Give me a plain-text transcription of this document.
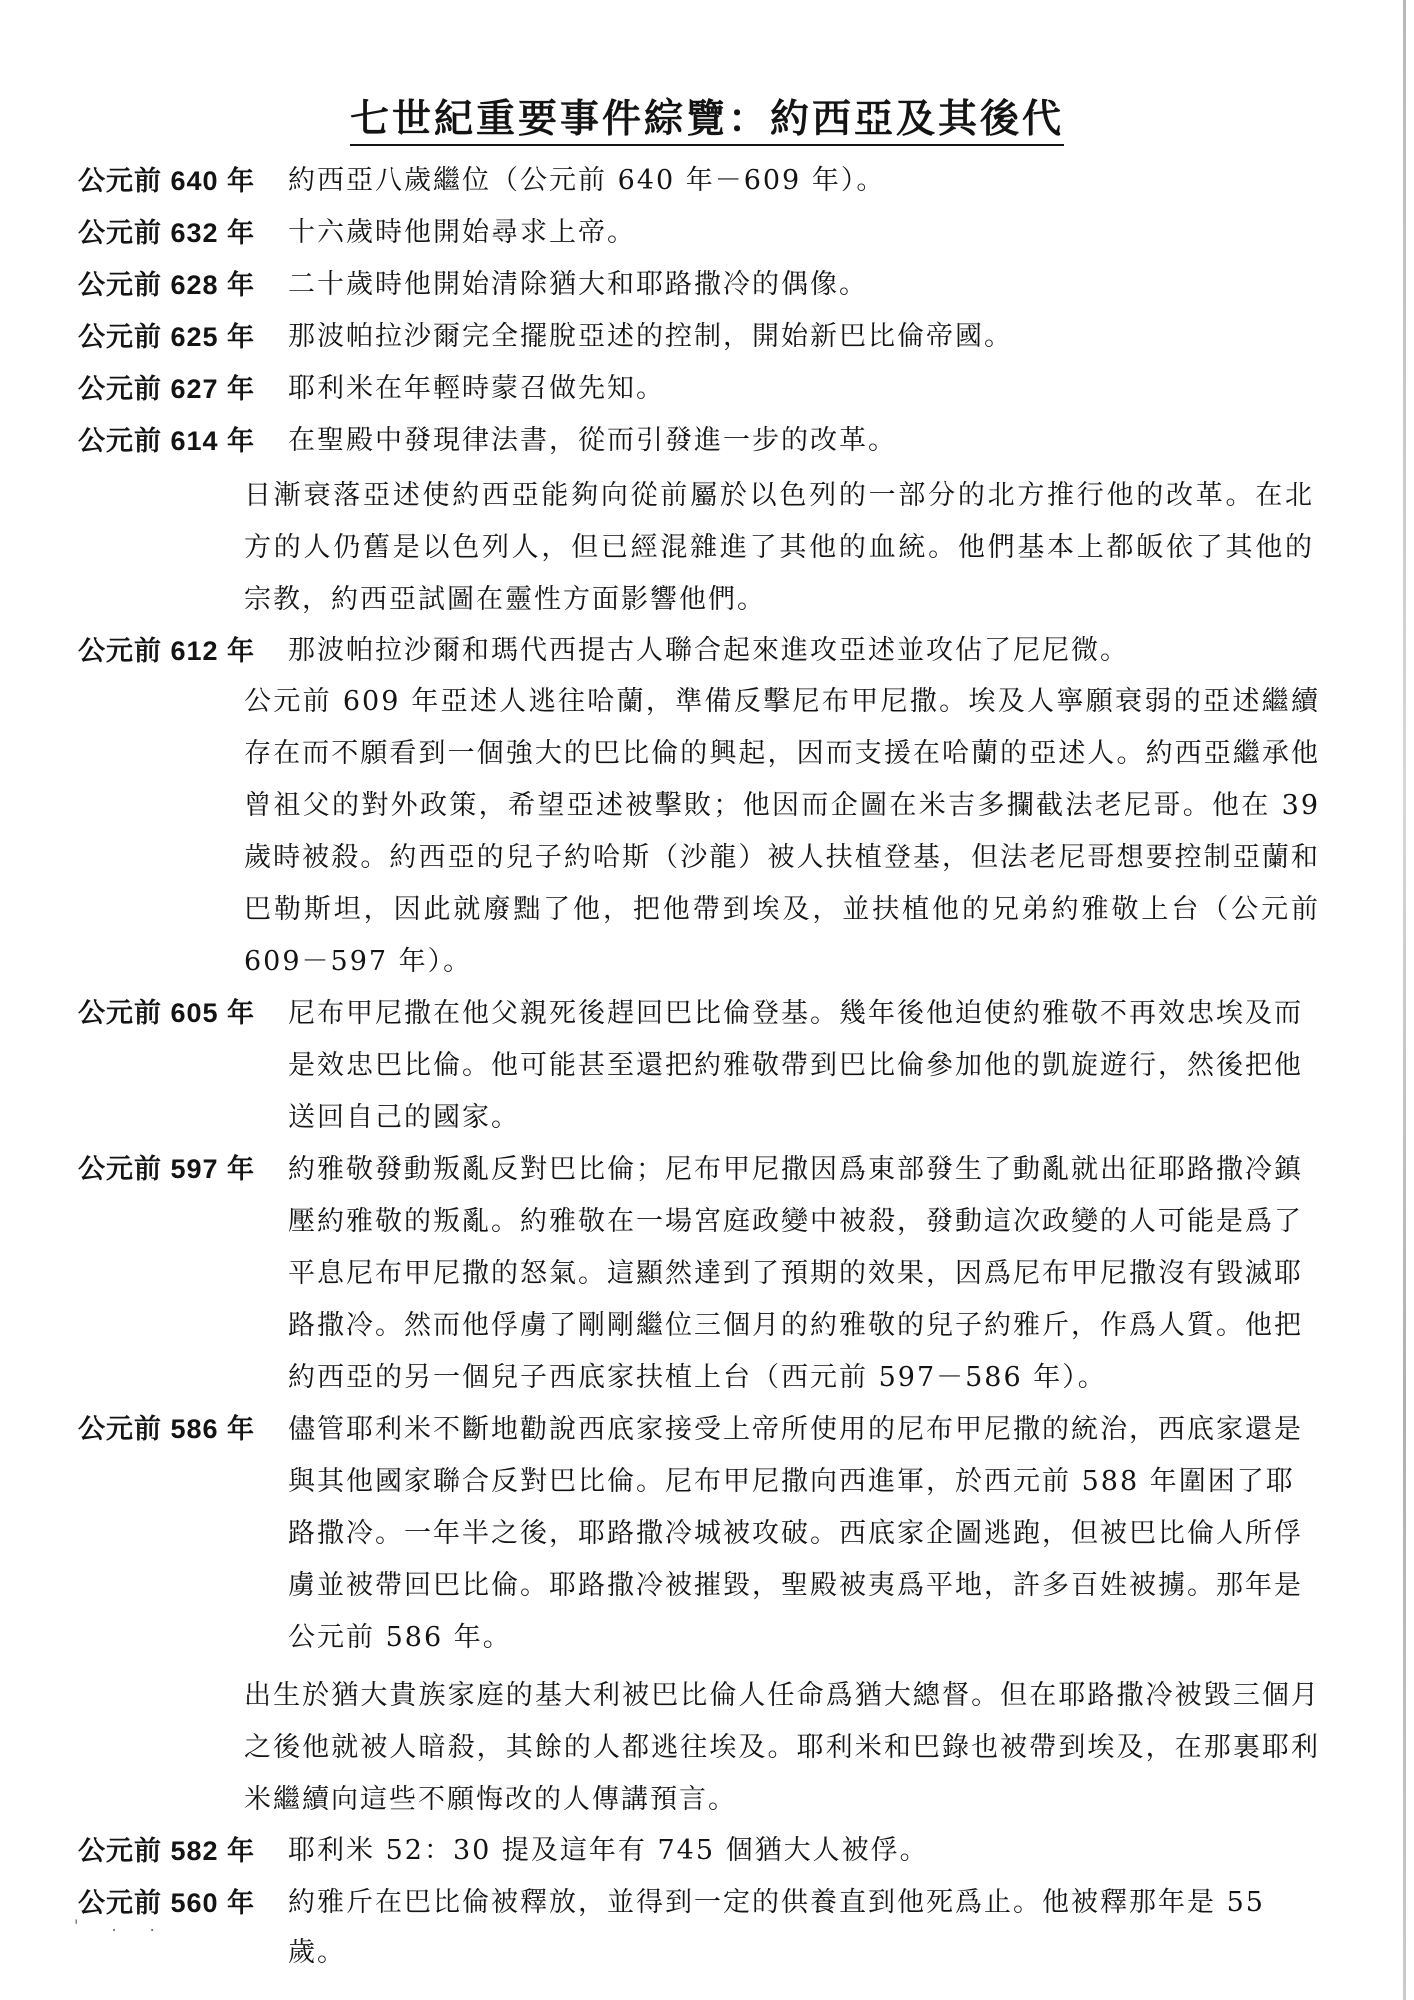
七世紀重要事件綜覽：約西亞及其後代
公元前 640 年	約西亞八歲繼位（公元前 640 年－609 年）。
公元前 632 年	十六歲時他開始尋求上帝。
公元前 628 年	二十歲時他開始清除猶大和耶路撒冷的偶像。
公元前 625 年	那波帕拉沙爾完全擺脫亞述的控制，開始新巴比倫帝國。
公元前 627 年	耶利米在年輕時蒙召做先知。
公元前 614 年	在聖殿中發現律法書，從而引發進一步的改革。
日漸衰落亞述使約西亞能夠向從前屬於以色列的一部分的北方推行他的改革。在北方的人仍舊是以色列人，但已經混雜進了其他的血統。他們基本上都皈依了其他的宗教，約西亞試圖在靈性方面影響他們。
公元前 612 年	那波帕拉沙爾和瑪代西提古人聯合起來進攻亞述並攻佔了尼尼微。
公元前 609 年亞述人逃往哈蘭，準備反擊尼布甲尼撒。埃及人寧願衰弱的亞述繼續存在而不願看到一個強大的巴比倫的興起，因而支援在哈蘭的亞述人。約西亞繼承他曾祖父的對外政策，希望亞述被擊敗；他因而企圖在米吉多攔截法老尼哥。他在 39 歲時被殺。約西亞的兒子約哈斯（沙龍）被人扶植登基，但法老尼哥想要控制亞蘭和巴勒斯坦，因此就廢黜了他，把他帶到埃及，並扶植他的兄弟約雅敬上台（公元前 609－597 年）。
公元前 605 年	尼布甲尼撒在他父親死後趕回巴比倫登基。幾年後他迫使約雅敬不再效忠埃及而是效忠巴比倫。他可能甚至還把約雅敬帶到巴比倫參加他的凱旋遊行，然後把他送回自己的國家。
公元前 597 年	約雅敬發動叛亂反對巴比倫；尼布甲尼撒因爲東部發生了動亂就出征耶路撒冷鎮壓約雅敬的叛亂。約雅敬在一場宮庭政變中被殺，發動這次政變的人可能是爲了平息尼布甲尼撒的怒氣。這顯然達到了預期的效果，因爲尼布甲尼撒沒有毀滅耶路撒冷。然而他俘虜了剛剛繼位三個月的約雅敬的兒子約雅斤，作爲人質。他把約西亞的另一個兒子西底家扶植上台（西元前 597－586 年）。
公元前 586 年	儘管耶利米不斷地勸說西底家接受上帝所使用的尼布甲尼撒的統治，西底家還是與其他國家聯合反對巴比倫。尼布甲尼撒向西進軍，於西元前 588 年圍困了耶路撒冷。一年半之後，耶路撒冷城被攻破。西底家企圖逃跑，但被巴比倫人所俘虜並被帶回巴比倫。耶路撒冷被摧毀，聖殿被夷爲平地，許多百姓被擄。那年是公元前 586 年。
出生於猶大貴族家庭的基大利被巴比倫人任命爲猶大總督。但在耶路撒冷被毀三個月之後他就被人暗殺，其餘的人都逃往埃及。耶利米和巴錄也被帶到埃及，在那裏耶利米繼續向這些不願悔改的人傳講預言。
公元前 582 年	耶利米 52：30 提及這年有 745 個猶大人被俘。
公元前 560 年	約雅斤在巴比倫被釋放，並得到一定的供養直到他死爲止。他被釋那年是 55 歲。
' . .
